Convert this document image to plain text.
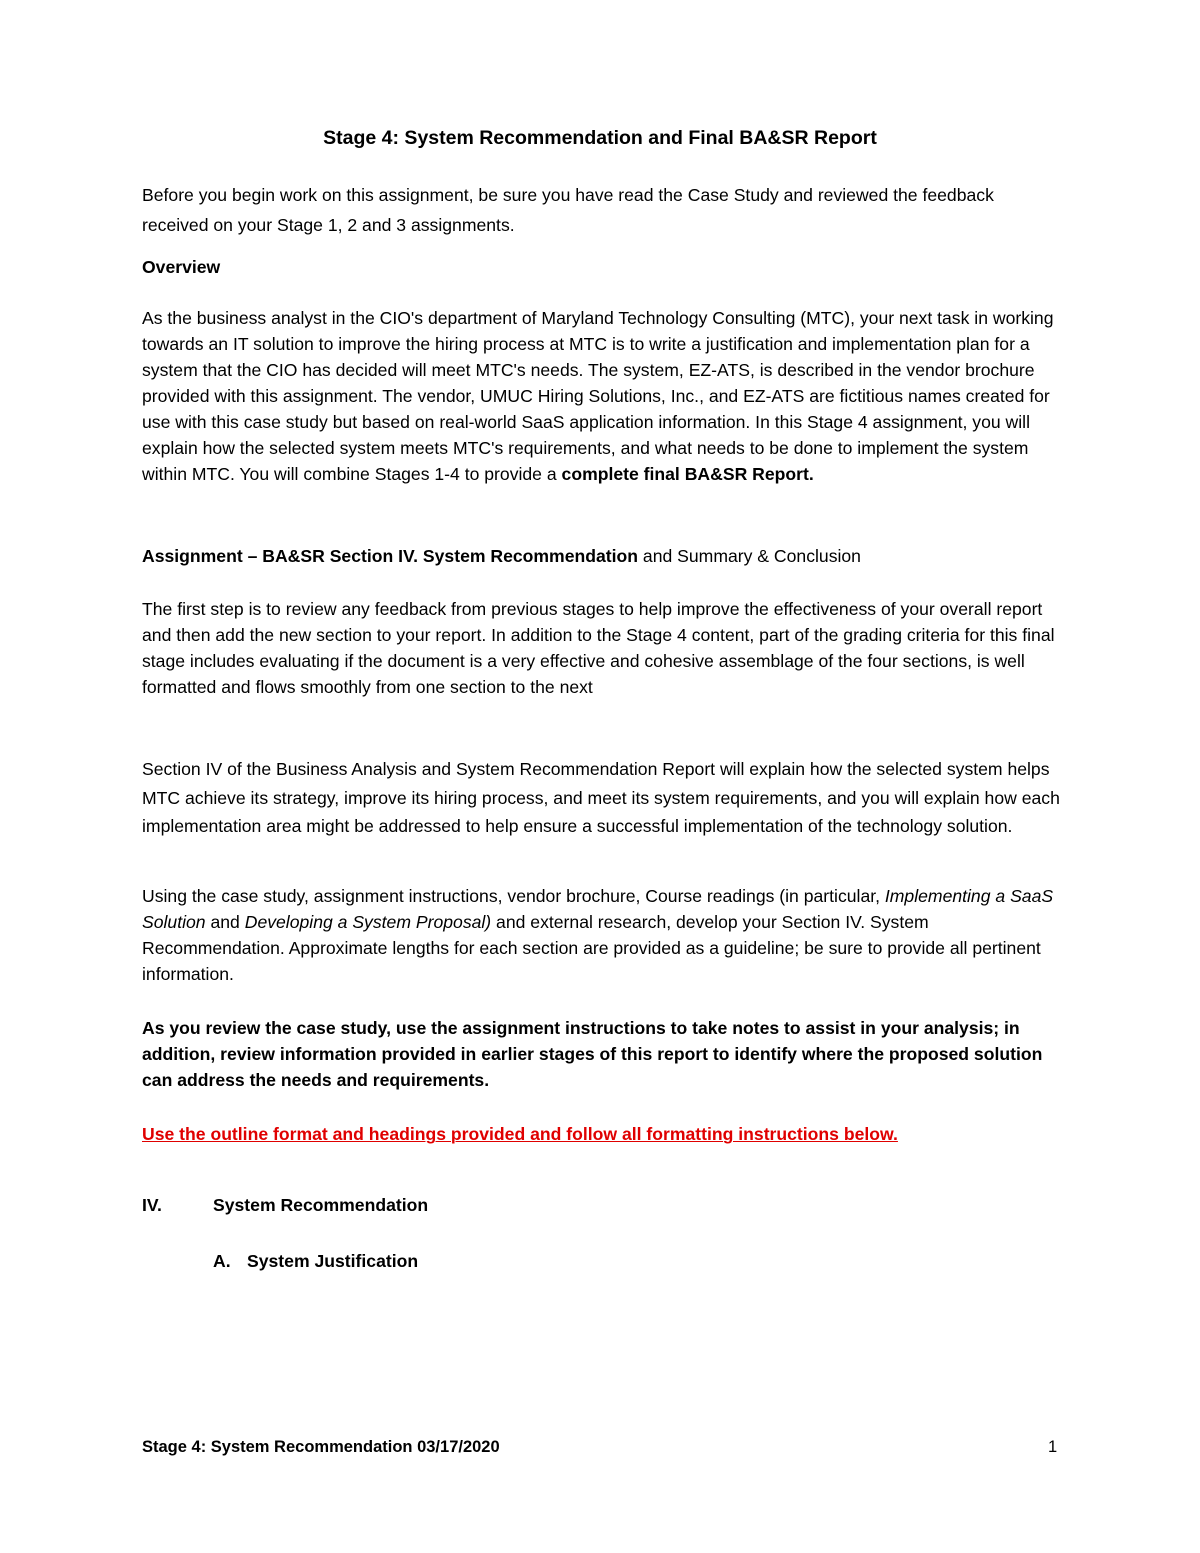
Stage 4: System Recommendation and Final BA&SR Report

Before you begin work on this assignment, be sure you have read the Case Study and reviewed the feedback received on your Stage 1, 2 and 3 assignments.

Overview

As the business analyst in the CIO's department of Maryland Technology Consulting (MTC), your next task in working towards an IT solution to improve the hiring process at MTC is to write a justification and implementation plan for a system that the CIO has decided will meet MTC's needs. The system, EZ-ATS, is described in the vendor brochure provided with this assignment. The vendor, UMUC Hiring Solutions, Inc., and EZ-ATS are fictitious names created for use with this case study but based on real-world SaaS application information. In this Stage 4 assignment, you will explain how the selected system meets MTC's requirements, and what needs to be done to implement the system within MTC. You will combine Stages 1-4 to provide a complete final BA&SR Report.

Assignment – BA&SR Section IV. System Recommendation and Summary & Conclusion

The first step is to review any feedback from previous stages to help improve the effectiveness of your overall report and then add the new section to your report. In addition to the Stage 4 content, part of the grading criteria for this final stage includes evaluating if the document is a very effective and cohesive assemblage of the four sections, is well formatted and flows smoothly from one section to the next

Section IV of the Business Analysis and System Recommendation Report will explain how the selected system helps MTC achieve its strategy, improve its hiring process, and meet its system requirements, and you will explain how each implementation area might be addressed to help ensure a successful implementation of the technology solution.

Using the case study, assignment instructions, vendor brochure, Course readings (in particular, Implementing a SaaS Solution and Developing a System Proposal) and external research, develop your Section IV. System Recommendation. Approximate lengths for each section are provided as a guideline; be sure to provide all pertinent information.

As you review the case study, use the assignment instructions to take notes to assist in your analysis; in addition, review information provided in earlier stages of this report to identify where the proposed solution can address the needs and requirements.

Use the outline format and headings provided and follow all formatting instructions below.

IV.	System Recommendation
A. System Justification
Stage 4: System Recommendation 03/17/2020	1
